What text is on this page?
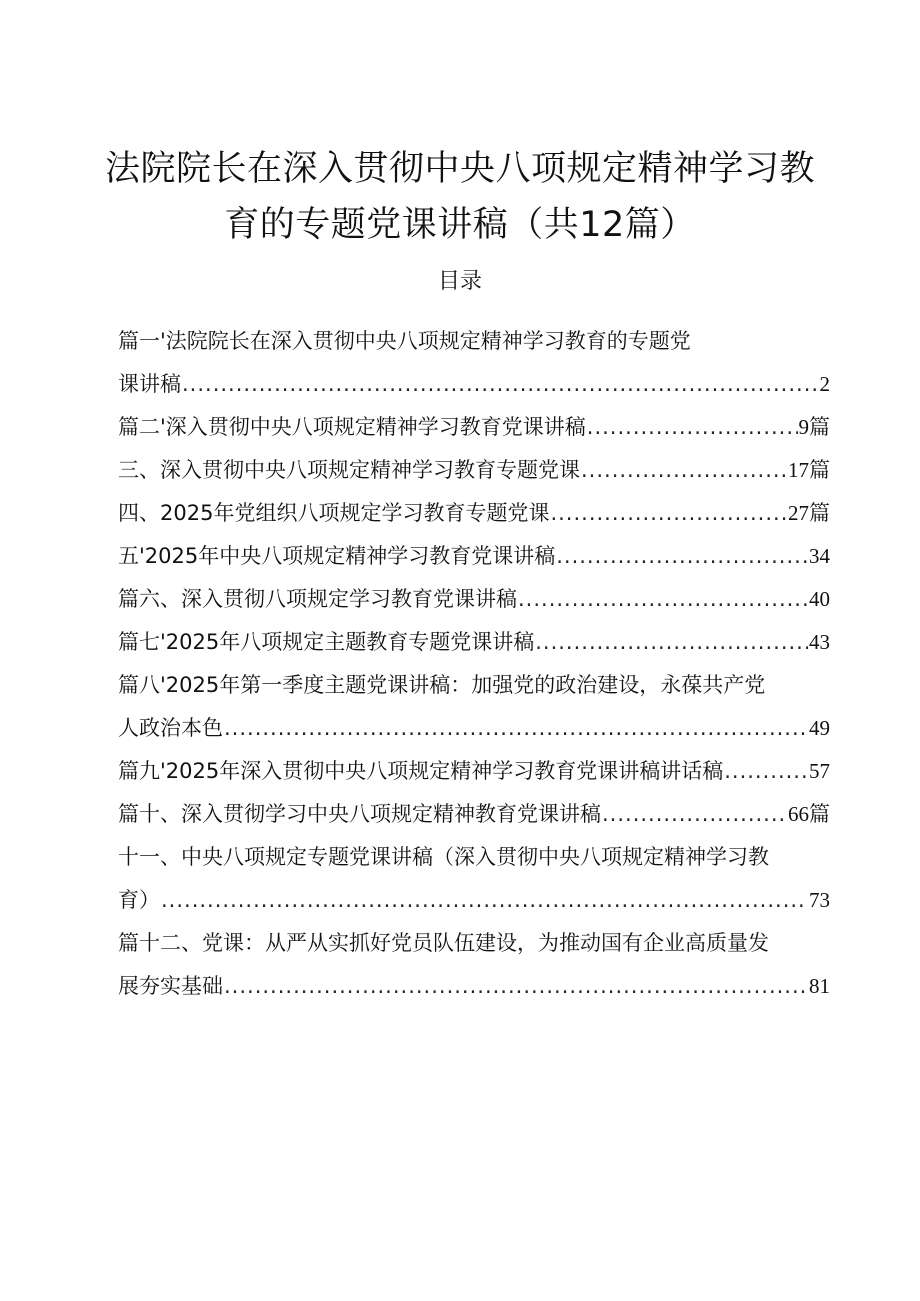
法院院长在深入贯彻中央八项规定精神学习教
育的专题党课讲稿（共12篇）
目录
篇一'法院院长在深入贯彻中央八项规定精神学习教育的专题党
课讲稿 .....	2
篇二'深入贯彻中央八项规定精神学习教育党课讲稿 .....	9 篇
三、深入贯彻中央八项规定精神学习教育专题党课 .....	17 篇
四、2025年党组织八项规定学习教育专题党课 .....	27 篇
五'2025年中央八项规定精神学习教育党课讲稿 .....	34
篇六、深入贯彻八项规定学习教育党课讲稿 .....	40
篇七'2025年八项规定主题教育专题党课讲稿 .....	43
篇八'2025年第一季度主题党课讲稿：加强党的政治建设，永葆共产党
人政治本色 .....	49
篇九'2025年深入贯彻中央八项规定精神学习教育党课讲稿讲话稿 .....	57
篇十、深入贯彻学习中央八项规定精神教育党课讲稿 .....	66 篇
十一、中央八项规定专题党课讲稿（深入贯彻中央八项规定精神学习教
育） .....	73
篇十二、党课：从严从实抓好党员队伍建设，为推动国有企业高质量发
展夯实基础 .....	81
